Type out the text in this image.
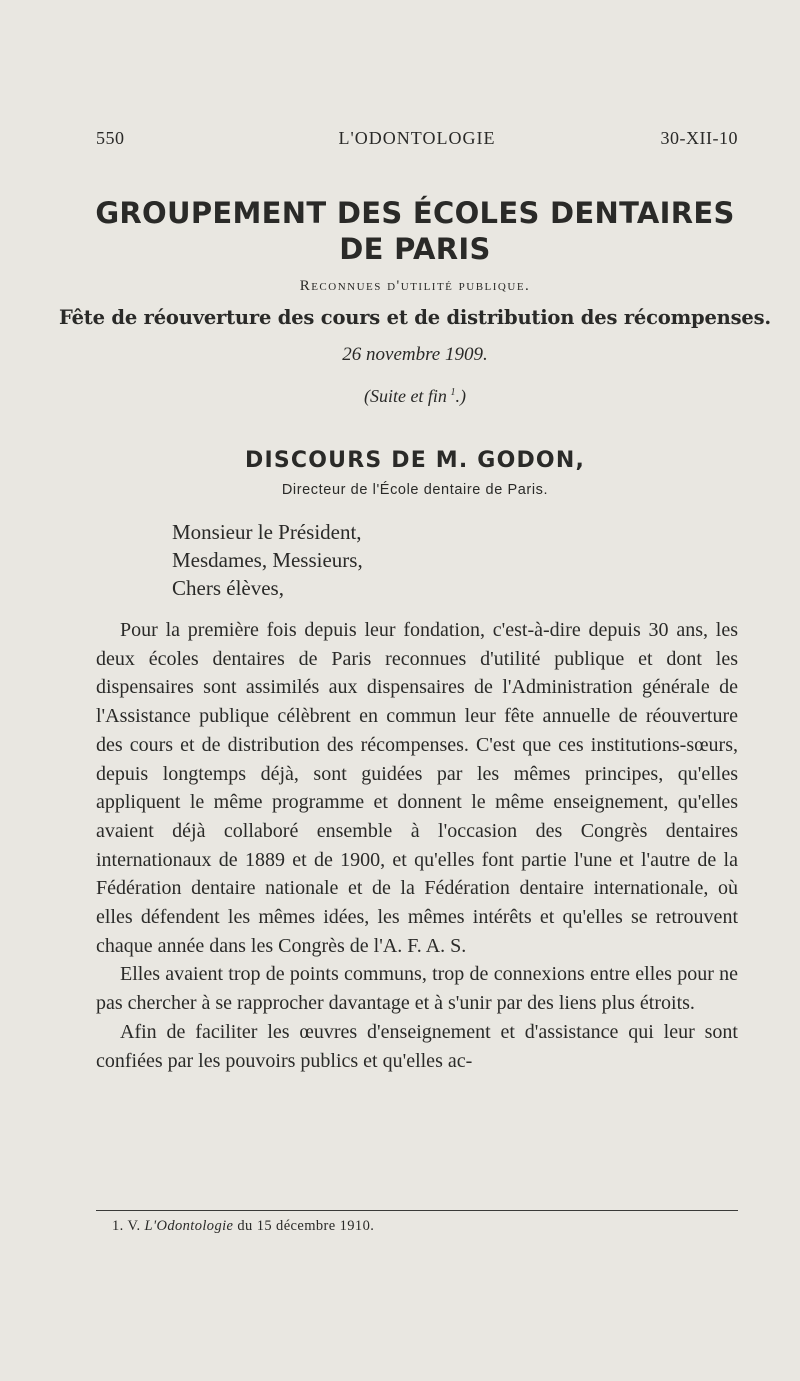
550	L'ODONTOLOGIE	30-XII-10
GROUPEMENT DES ÉCOLES DENTAIRES
DE PARIS
Reconnues d'utilité publique.
Fête de réouverture des cours et de distribution des récompenses.
26 novembre 1909.
(Suite et fin  $^1$.)
DISCOURS DE M. GODON,
Directeur de l'École dentaire de Paris.
Monsieur le Président,
Mesdames, Messieurs,
Chers élèves,

Pour la première fois depuis leur fondation, c'est-à-dire depuis 30 ans, les deux écoles dentaires de Paris reconnues d'utilité publique et dont les dispensaires sont assimilés aux dispensaires de l'Administration générale de l'Assistance publique célèbrent en commun leur fête annuelle de réouverture des cours et de distribution des récompenses. C'est que ces institutions-sœurs, depuis longtemps déjà, sont guidées par les mêmes principes, qu'elles appliquent le même programme et donnent le même enseignement, qu'elles avaient déjà collaboré ensemble à l'occasion des Congrès dentaires internationaux de 1889 et de 1900, et qu'elles font partie l'une et l'autre de la Fédération dentaire nationale et de la Fédération dentaire internationale, où elles défendent les mêmes idées, les mêmes intérêts et qu'elles se retrouvent chaque année dans les Congrès de l'A. F. A. S.

Elles avaient trop de points communs, trop de connexions entre elles pour ne pas chercher à se rapprocher davantage et à s'unir par des liens plus étroits.

Afin de faciliter les œuvres d'enseignement et d'assistance qui leur sont confiées par les pouvoirs publics et qu'elles ac-

1. V. L'Odontologie du 15 décembre 1910.
